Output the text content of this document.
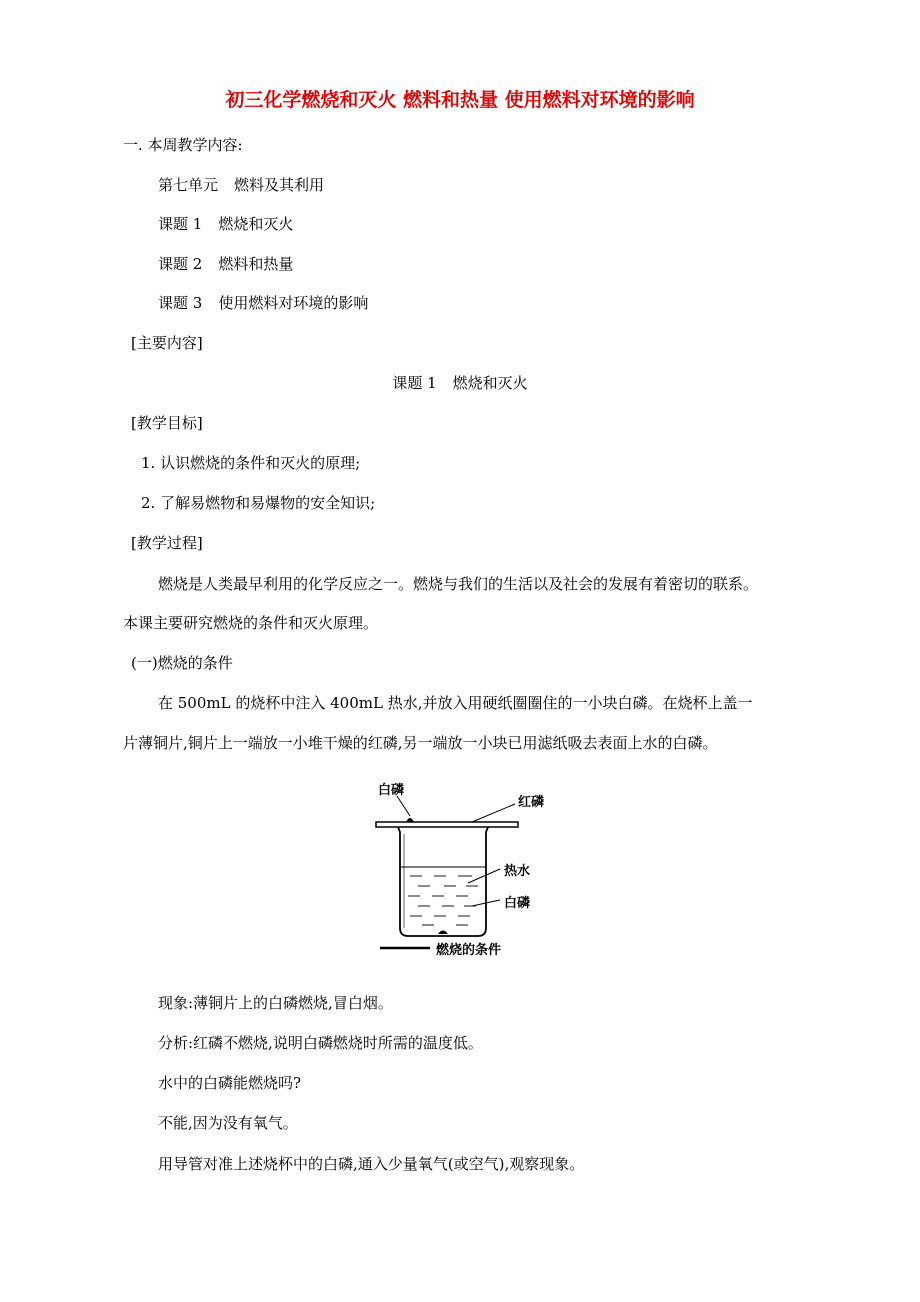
初三化学燃烧和灭火 燃料和热量 使用燃料对环境的影响
一. 本周教学内容:
第七单元 燃料及其利用
课题 1 燃烧和灭火
课题 2 燃料和热量
课题 3 使用燃料对环境的影响
[主要内容]
课题 1 燃烧和灭火
[教学目标]
1. 认识燃烧的条件和灭火的原理;
2. 了解易燃物和易爆物的安全知识;
[教学过程]
燃烧是人类最早利用的化学反应之一。燃烧与我们的生活以及社会的发展有着密切的联系。
本课主要研究燃烧的条件和灭火原理。
(一)燃烧的条件
在 500mL 的烧杯中注入 400mL 热水,并放入用硬纸圈圈住的一小块白磷。在烧杯上盖一
片薄铜片,铜片上一端放一小堆干燥的红磷,另一端放一小块已用滤纸吸去表面上水的白磷。
白磷
红磷
热水
白磷
燃烧的条件
现象:薄铜片上的白磷燃烧,冒白烟。
分析:红磷不燃烧,说明白磷燃烧时所需的温度低。
水中的白磷能燃烧吗?
不能,因为没有氧气。
用导管对准上述烧杯中的白磷,通入少量氧气(或空气),观察现象。
